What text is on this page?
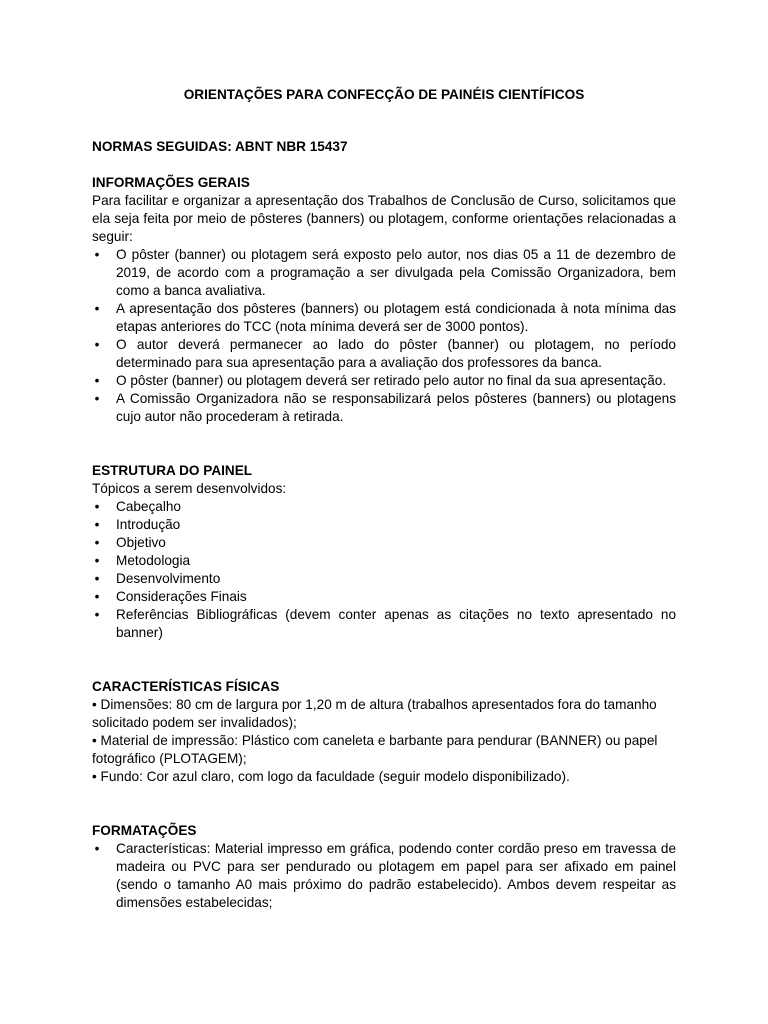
ORIENTAÇÕES PARA CONFECÇÃO DE PAINÉIS CIENTÍFICOS

NORMAS SEGUIDAS: ABNT NBR 15437

INFORMAÇÕES GERAIS

Para facilitar e organizar a apresentação dos Trabalhos de Conclusão de Curso, solicitamos que ela seja feita por meio de pôsteres (banners) ou plotagem, conforme orientações relacionadas a seguir:

• O pôster (banner) ou plotagem será exposto pelo autor, nos dias 05 a 11 de dezembro de 2019, de acordo com a programação a ser divulgada pela Comissão Organizadora, bem como a banca avaliativa.
• A apresentação dos pôsteres (banners) ou plotagem está condicionada à nota mínima das etapas anteriores do TCC (nota mínima deverá ser de 3000 pontos).
• O autor deverá permanecer ao lado do pôster (banner) ou plotagem, no período determinado para sua apresentação para a avaliação dos professores da banca.
• O pôster (banner) ou plotagem deverá ser retirado pelo autor no final da sua apresentação.
• A Comissão Organizadora não se responsabilizará pelos pôsteres (banners) ou plotagens cujo autor não procederam à retirada.

ESTRUTURA DO PAINEL

Tópicos a serem desenvolvidos:

• Cabeçalho
• Introdução
• Objetivo
• Metodologia
• Desenvolvimento
• Considerações Finais
• Referências Bibliográficas (devem conter apenas as citações no texto apresentado no banner)

CARACTERÍSTICAS FÍSICAS

• Dimensões: 80 cm de largura por 1,20 m de altura (trabalhos apresentados fora do tamanho solicitado podem ser invalidados);

• Material de impressão: Plástico com caneleta e barbante para pendurar (BANNER) ou papel fotográfico (PLOTAGEM);

• Fundo: Cor azul claro, com logo da faculdade (seguir modelo disponibilizado).

FORMATAÇÕES

• Características: Material impresso em gráfica, podendo conter cordão preso em travessa de madeira ou PVC para ser pendurado ou plotagem em papel para ser afixado em painel (sendo o tamanho A0 mais próximo do padrão estabelecido). Ambos devem respeitar as dimensões estabelecidas;
